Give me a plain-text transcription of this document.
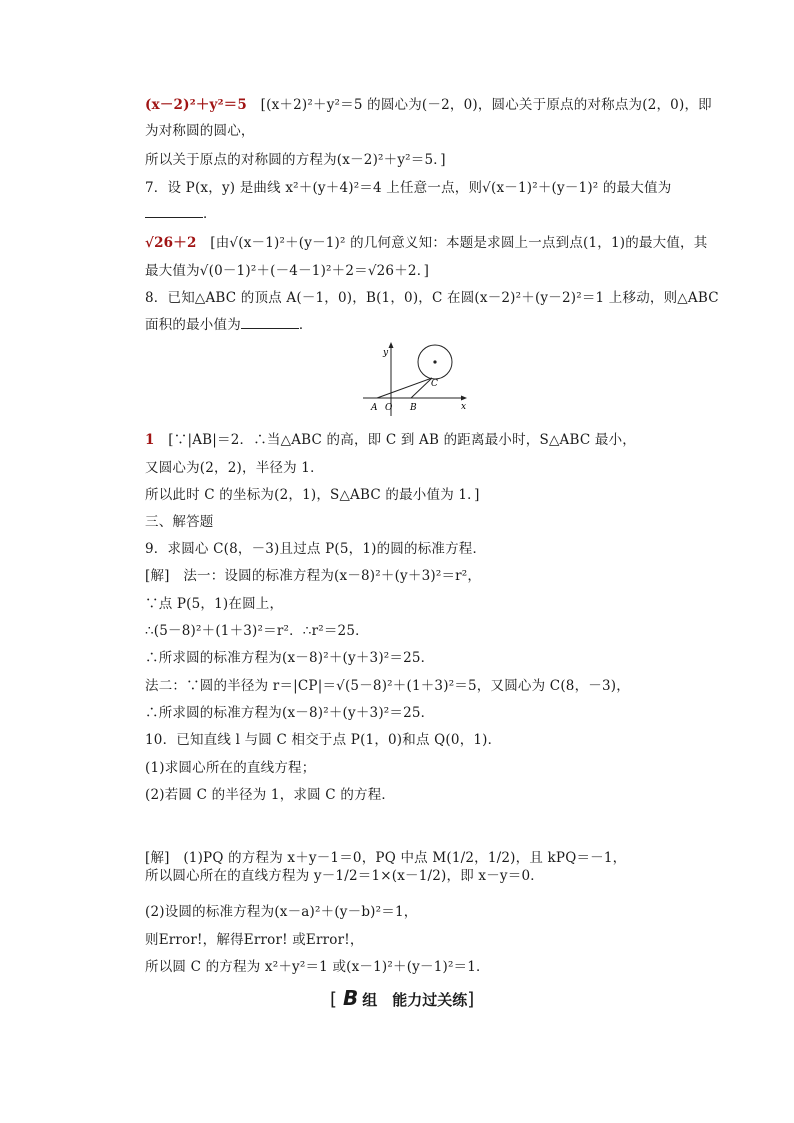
(x－2)²＋y²＝5　[(x＋2)²＋y²＝5 的圆心为(－2，0)，圆心关于原点的对称点为(2，0)，即
为对称圆的圆心，
所以关于原点的对称圆的方程为(x－2)²＋y²＝5．]
7．设 P(x，y) 是曲线 x²＋(y＋4)²＝4 上任意一点，则√(x－1)²＋(y－1)² 的最大值为
．
√26＋2　[由√(x－1)²＋(y－1)² 的几何意义知：本题是求圆上一点到点(1，1)的最大值，其
最大值为√(0－1)²＋(－4－1)²＋2＝√26＋2．]
8．已知△ABC 的顶点 A(－1，0)，B(1，0)，C 在圆(x－2)²＋(y－2)²＝1 上移动，则△ABC
面积的最小值为	．
y
x
A O B
C
1　[∵|AB|＝2．∴当△ABC 的高，即 C 到 AB 的距离最小时，S△ABC 最小，
又圆心为(2，2)，半径为 1．
所以此时 C 的坐标为(2，1)，S△ABC 的最小值为 1．]
三、解答题
9．求圆心 C(8，－3)且过点 P(5，1)的圆的标准方程．
[解]　法一：设圆的标准方程为(x－8)²＋(y＋3)²＝r²，
∵点 P(5，1)在圆上，
∴(5－8)²＋(1＋3)²＝r²．∴r²＝25．
∴所求圆的标准方程为(x－8)²＋(y＋3)²＝25．
法二：∵圆的半径为 r＝|CP|＝√(5－8)²＋(1＋3)²＝5，又圆心为 C(8，－3)，
∴所求圆的标准方程为(x－8)²＋(y＋3)²＝25．
10．已知直线 l 与圆 C 相交于点 P(1，0)和点 Q(0，1)．
(1)求圆心所在的直线方程；
(2)若圆 C 的半径为 1，求圆 C 的方程．
[解]　(1)PQ 的方程为 x＋y－1＝0，PQ 中点 M(1/2，1/2)，且 kPQ＝－1，
所以圆心所在的直线方程为 y－1/2＝1×(x－1/2)，即 x－y＝0．
(2)设圆的标准方程为(x－a)²＋(y－b)²＝1，
则Error!，解得Error! 或Error!，
所以圆 C 的方程为 x²＋y²＝1 或(x－1)²＋(y－1)²＝1．
[ B 组　能力过关练]
